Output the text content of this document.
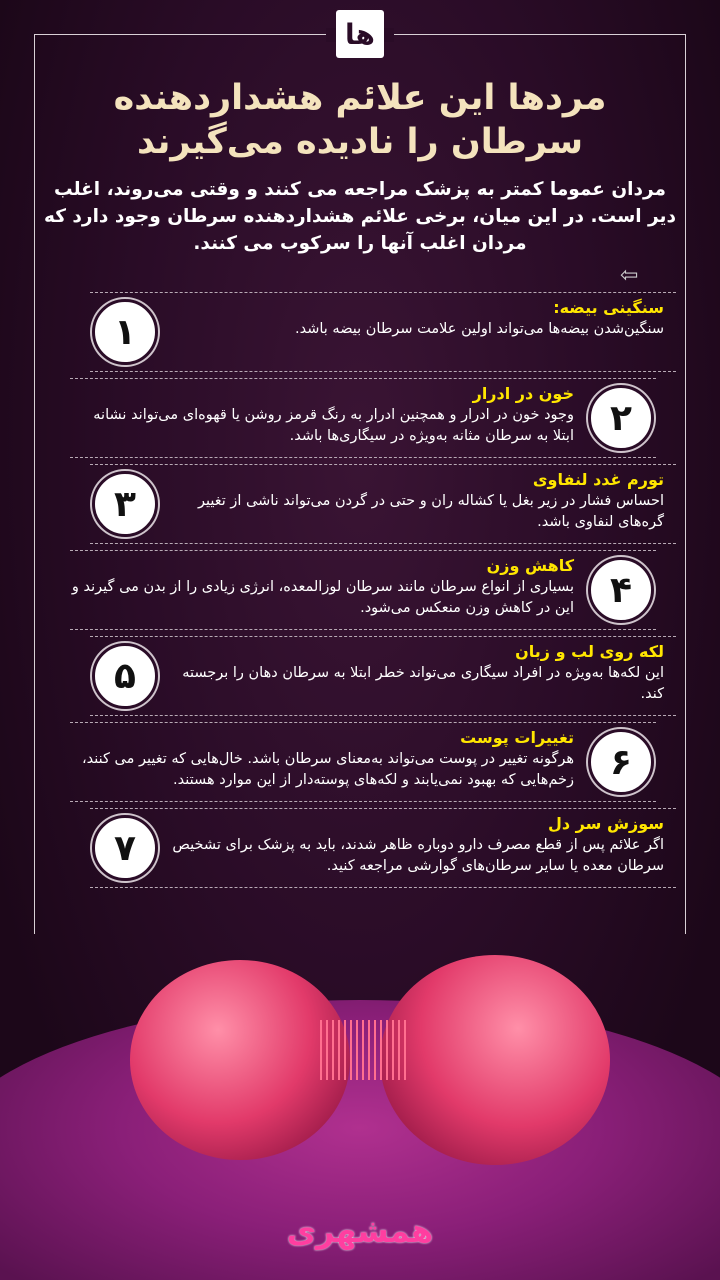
ها
مردها این علائم هشداردهنده سرطان را نادیده می‌گیرند

مردان عموما کمتر به پزشک مراجعه می کنند و وقتی می‌روند، اغلب دیر است. در این میان، برخی علائم هشداردهنده سرطان وجود دارد که مردان اغلب آنها را سرکوب می کنند.

⇦
۱
سنگینی بیضه:
سنگین‌شدن بیضه‌ها می‌تواند اولین علامت سرطان بیضه باشد.
۲
خون در ادرار
وجود خون در ادرار و همچنین ادرار به رنگ قرمز روشن یا قهوه‌ای می‌تواند نشانه ابتلا به سرطان مثانه به‌ویژه در سیگاری‌ها باشد.
۳
تورم غدد لنفاوی
احساس فشار در زیر بغل یا کشاله ران و حتی در گردن می‌تواند ناشی از تغییر گره‌های لنفاوی باشد.
۴
کاهش وزن
بسیاری از انواع سرطان مانند سرطان لوزالمعده، انرژی زیادی را از بدن می گیرند و این در کاهش وزن منعکس می‌شود.
۵
لکه روی لب و زبان
این لکه‌ها به‌ویژه در افراد سیگاری می‌تواند خطر ابتلا به سرطان دهان را برجسته کند.
۶
تغییرات پوست
هرگونه تغییر در پوست می‌تواند به‌معنای سرطان باشد. خال‌هایی که تغییر می کنند، زخم‌هایی که بهبود نمی‌یابند و لکه‌های پوسته‌دار از این موارد هستند.
۷
سوزش سر دل
اگر علائم پس از قطع مصرف دارو دوباره ظاهر شدند، باید به پزشک برای تشخیص سرطان معده یا سایر سرطان‌های گوارشی مراجعه کنید.
همشهری
